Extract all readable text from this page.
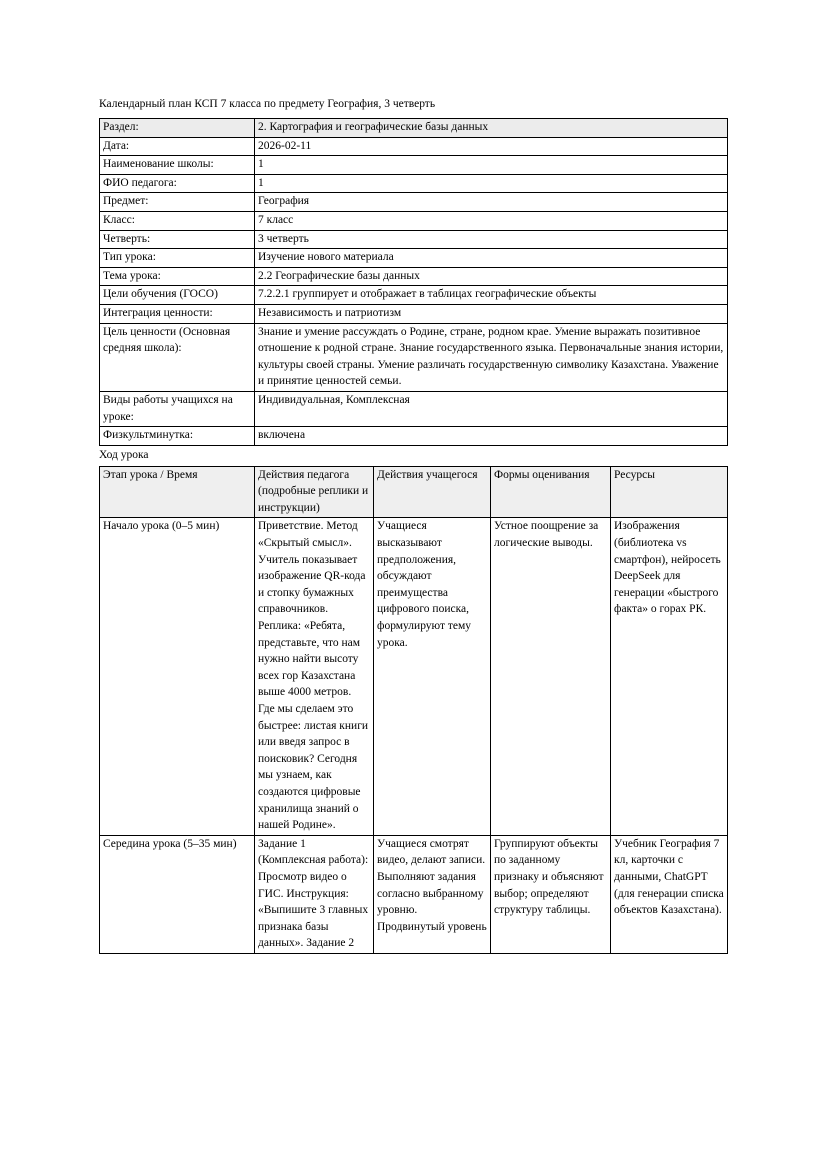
Календарный план КСП 7 класса по предмету География, 3 четверть

Раздел:	2. Картография и географические базы данных
Дата:	2026-02-11
Наименование школы:	1
ФИО педагога:	1
Предмет:	География
Класс:	7 класс
Четверть:	3 четверть
Тип урока:	Изучение нового материала
Тема урока:	2.2 Географические базы данных
Цели обучения (ГОСО)	7.2.2.1 группирует и отображает в таблицах географические объекты
Интеграция ценности:	Независимость и патриотизм
Цель ценности (Основная средняя школа):	Знание и умение рассуждать о Родине, стране, родном крае. Умение выражать позитивное отношение к родной стране. Знание государственного языка. Первоначальные знания истории, культуры своей страны. Умение различать государственную символику Казахстана. Уважение и принятие ценностей семьи.
Виды работы учащихся на уроке:	Индивидуальная, Комплексная
Физкультминутка:	включена

Ход урока

Этап урока / Время	Действия педагога (подробные реплики и инструкции)	Действия учащегося	Формы оценивания	Ресурсы
Начало урока (0–5 мин)	Приветствие. Метод «Скрытый смысл». Учитель показывает изображение QR-кода и стопку бумажных справочников. Реплика: «Ребята, представьте, что нам нужно найти высоту всех гор Казахстана выше 4000 метров. Где мы сделаем это быстрее: листая книги или введя запрос в поисковик? Сегодня мы узнаем, как создаются цифровые хранилища знаний о нашей Родине».	Учащиеся высказывают предположения, обсуждают преимущества цифрового поиска, формулируют тему урока.	Устное поощрение за логические выводы.	Изображения (библиотека vs смартфон), нейросеть DeepSeek для генерации «быстрого факта» о горах РК.
Середина урока (5–35 мин)	Задание 1 (Комплексная работа): Просмотр видео о ГИС. Инструкция: «Выпишите 3 главных признака базы данных». Задание 2	Учащиеся смотрят видео, делают записи. Выполняют задания согласно выбранному уровню. Продвинутый уровень	Группируют объекты по заданному признаку и объясняют выбор; определяют структуру таблицы.	Учебник География 7 кл, карточки с данными, ChatGPT (для генерации списка объектов Казахстана).
